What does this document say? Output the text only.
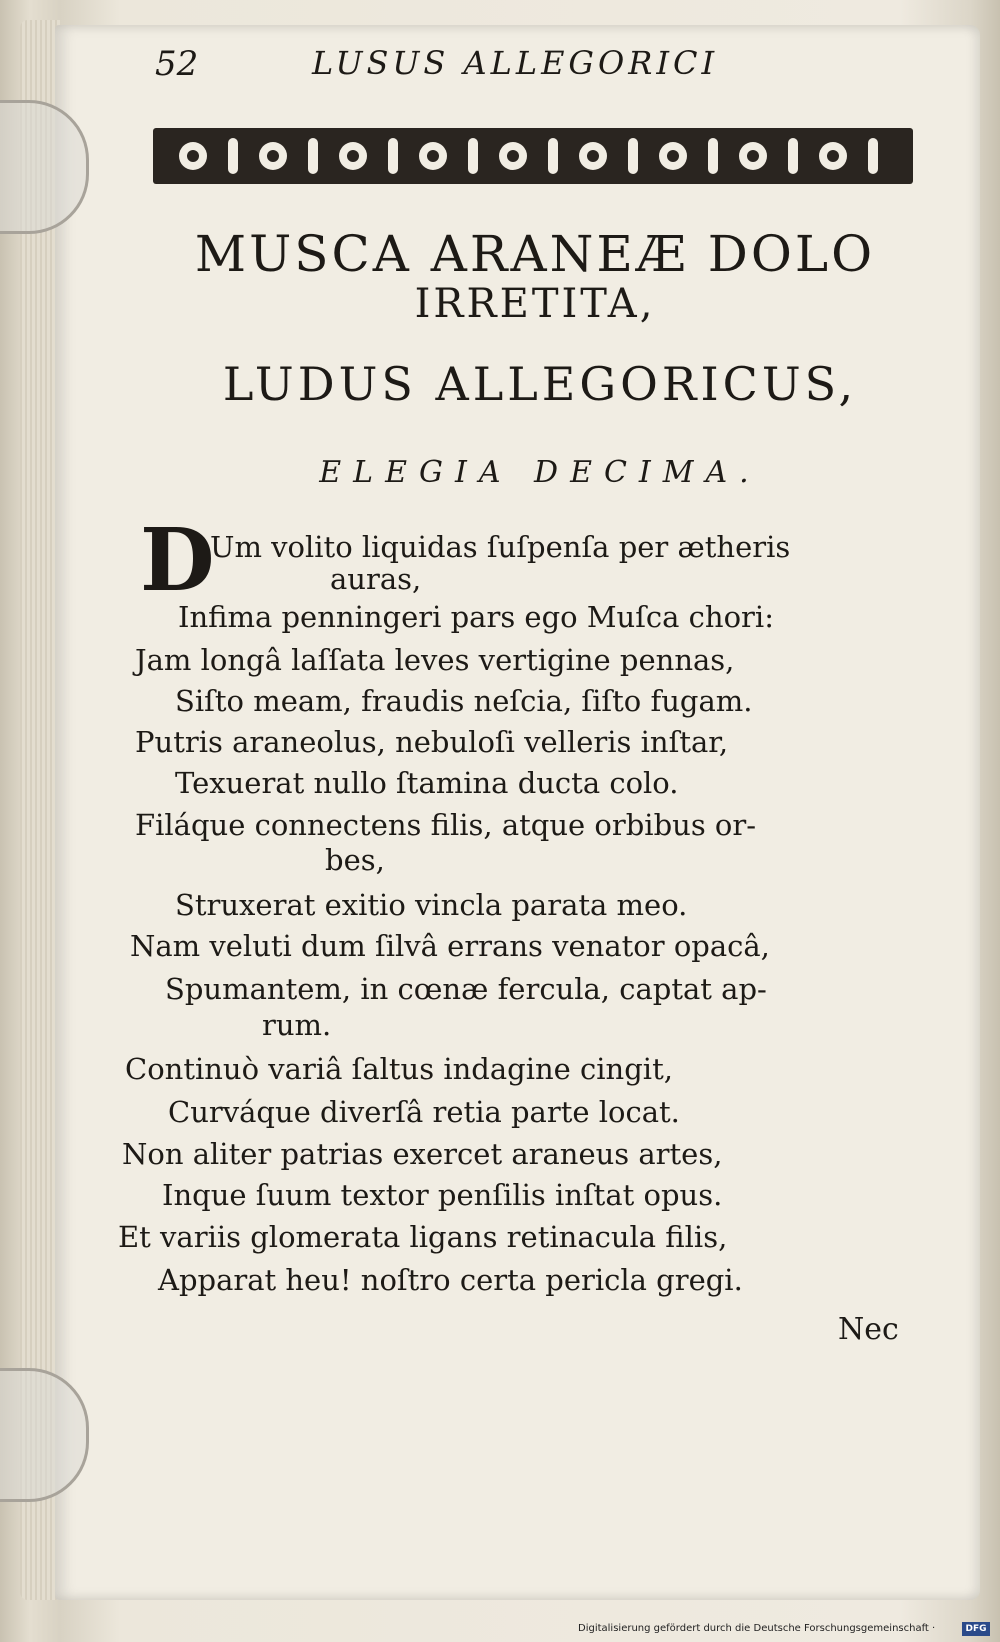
52	LUSUS ALLEGORICI
MUSCA ARANEÆ DOLO
IRRETITA,
LUDUS ALLEGORICUS,
ELEGIA DECIMA.
D
Um volito liquidas ſuſpenſa per ætheris
auras,
Infima penningeri pars ego Muſca chori:
Jam longâ laſſata leves vertigine pennas,
Siſto meam, fraudis neſcia, ſiſto fugam.
Putris araneolus, nebuloſi velleris inſtar,
Texuerat nullo ſtamina ducta colo.
Filáque connectens filis, atque orbibus or-
bes,
Struxerat exitio vincla parata meo.
Nam veluti dum ſilvâ errans venator opacâ,
Spumantem, in cœnæ fercula, captat ap-
rum.
Continuò variâ ſaltus indagine cingit,
Curváque diverſâ retia parte locat.
Non aliter patrias exercet araneus artes,
Inque ſuum textor penſilis inſtat opus.
Et variis glomerata ligans retinacula filis,
Apparat heu! noſtro certa pericla gregi.
Nec
Digitalisierung gefördert durch die Deutsche Forschungsgemeinschaft ·	DFG
